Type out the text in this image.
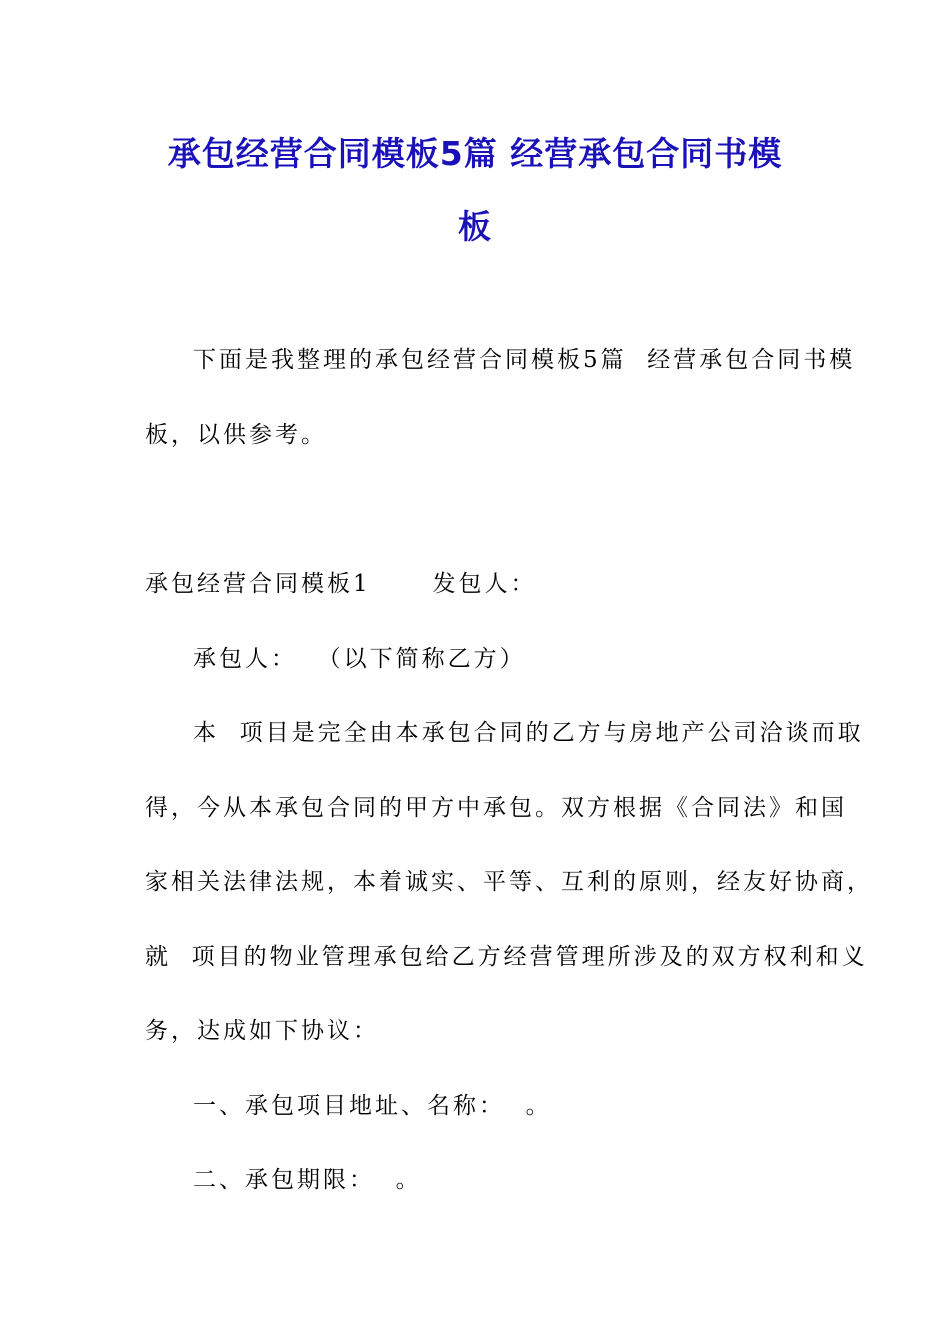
承包经营合同模板5篇 经营承包合同书模
板
下面是我整理的承包经营合同模板5篇  经营承包合同书模
板，以供参考。
承包经营合同模板1      发包人：
承包人：  （以下简称乙方）
本  项目是完全由本承包合同的乙方与房地产公司洽谈而取
得，今从本承包合同的甲方中承包。双方根据《合同法》和国
家相关法律法规，本着诚实、平等、互利的原则，经友好协商，
就  项目的物业管理承包给乙方经营管理所涉及的双方权利和义
务，达成如下协议：
一、承包项目地址、名称：  。
二、承包期限：  。
